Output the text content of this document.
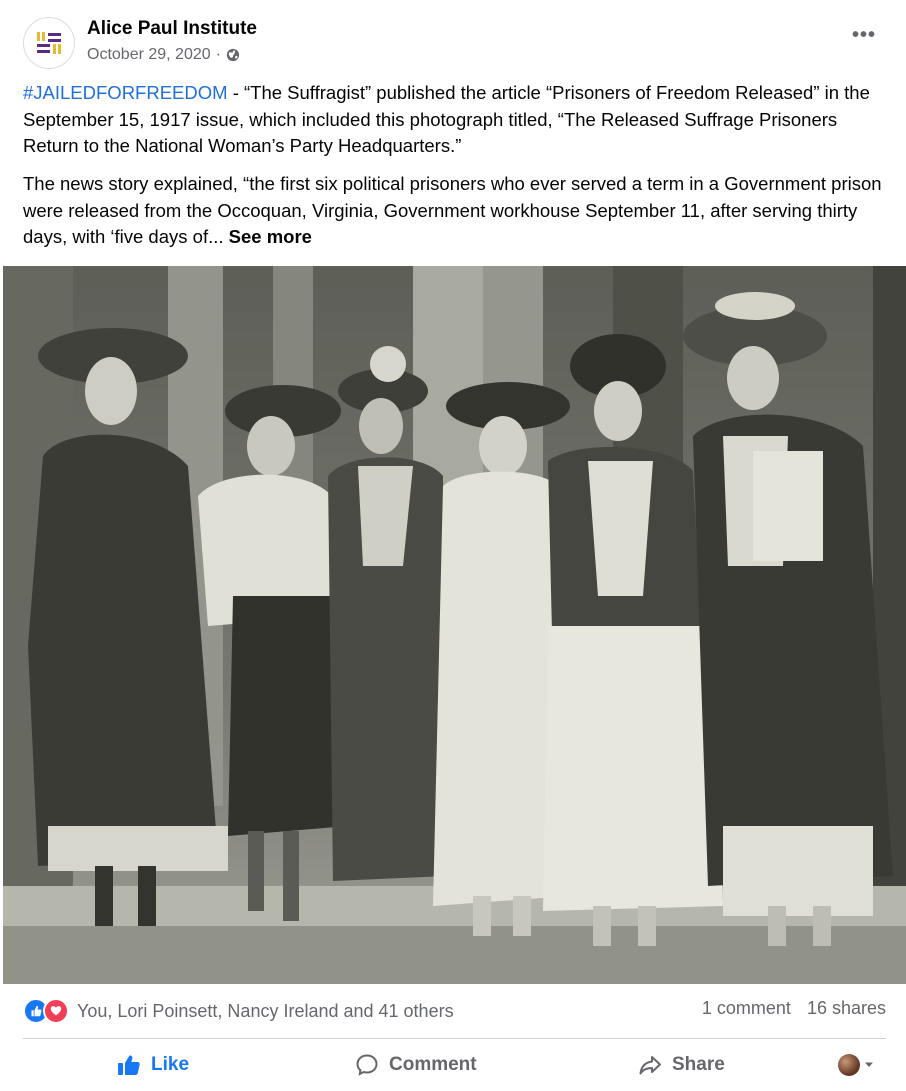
Alice Paul Institute
October 29, 2020 ·
•••
#JAILEDFORFREEDOM - “The Suffragist” published the article “Prisoners of Freedom Released” in the September 15, 1917 issue, which included this photograph titled, “The Released Suffrage Prisoners Return to the National Woman’s Party Headquarters.”
The news story explained, “the first six political prisoners who ever served a term in a Government prison were released from the Occoquan, Virginia, Government workhouse September 11, after serving thirty days, with ‘five days of... See more
You, Lori Poinsett, Nancy Ireland and 41 others	1 comment 16 shares
Like	Comment	Share
